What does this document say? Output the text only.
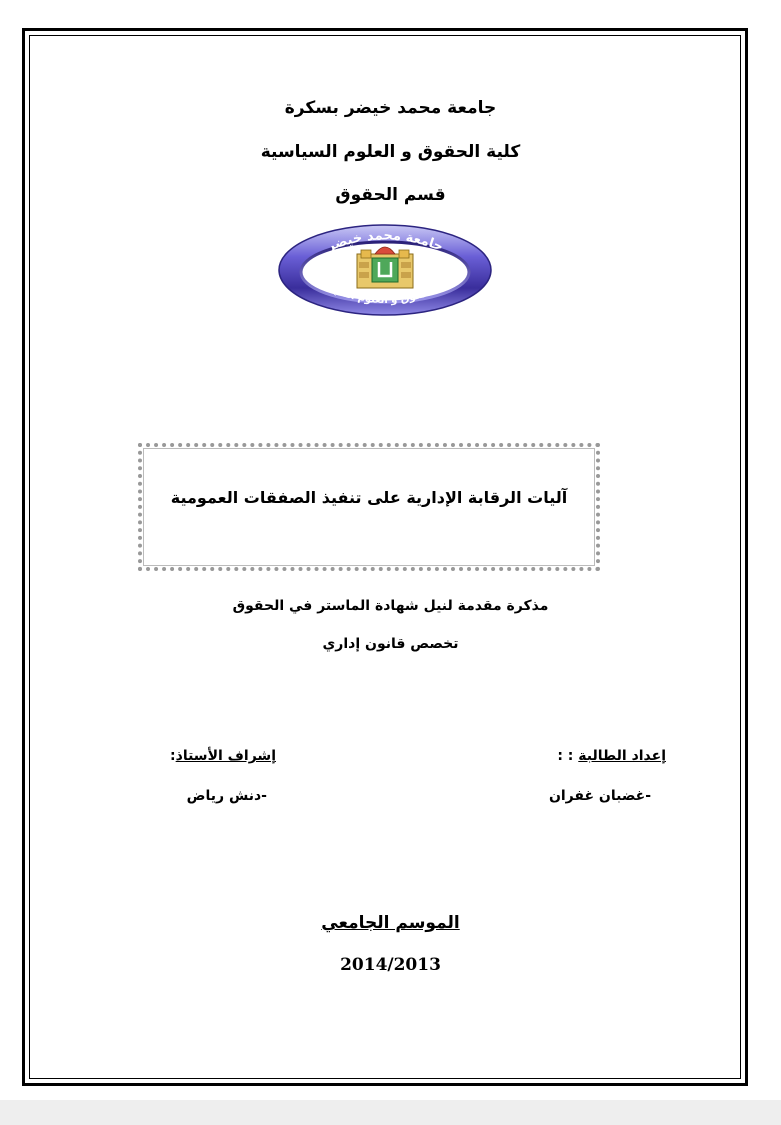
جامعة محمد خيضر بسكرة
كلية الحقوق و العلوم السياسية
قسم الحقوق
جامعة محمد خيضر
كلية الحقوق و العلوم السياسية
آليات الرقابة الإدارية على تنفيذ الصفقات العمومية
مذكرة مقدمة لنيل شهادة الماستر في الحقوق
تخصص قانون إداري
إعداد الطالبة : :
إشراف الأستاذ:
-غضبان غفران
-دنش رياض
الموسم الجامعي
2014/2013
